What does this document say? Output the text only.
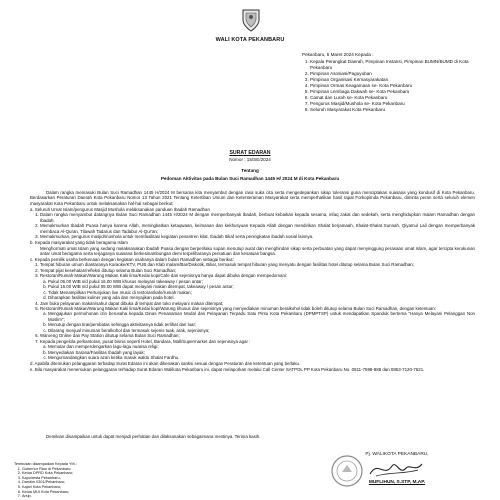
WALI KOTA PEKANBARU
Pekanbaru, 5 Maret 2024 Kepada :
1. Kepala Perangkat Daerah, Pimpinan Instansi, Pimpinan BUMN/BUMD di Kota Pekanbaru
2. Pimpinan Asosiasi/Paguyuban
3. Pimpinan Organisasi Kemasyarakatan
4. Pimpinan Ormas Keagamaan se- Kota Pekanbaru
5. Pimpinan Lembaga Dakwah se- Kota Pekanbaru
6. Camat dan Lurah se- Kota Pekanbaru
7. Pengurus Masjid/Mushola se- Kota Pekanbaru
8. Seluruh Masyarakat Kota Pekanbaru
SURAT EDARAN
Nomor : 15/SE/2024
Tentang
Pedoman Aktivitas pada Bulan Suci Ramadhan 1445 H/ 2024 M di Kota Pekanbaru

Dalam rangka memasuki Bulan Suci Ramadhan 1445 H/2024 M bersama kita menyambut dengan rasa suka cita serta mengedepankan sikap toleransi guna menciptakan suasana yang kondusif di Kota Pekanbaru. Berdasarkan Peraturan Daerah Kota Pekanbaru Nomor 13 Tahun 2021 Tentang Ketertiban Umum dan Ketenteraman Masyarakat serta memperhatikan hasil rapat Forkopimda Pekanbaru, diminta peran serta seluruh elemen masyarakat Kota Pekanbaru untuk melaksanakan hal-hal sebagai berikut:

a. Seluruh Umat Islam/pengurus Masjid Mushola melaksanakan panduan Ibadah Ramadhan

1. Dalam rangka menyambut datangnya Bulan Suci Ramadhan 1445 H/2024 M dengan memperbanyak Ibadah, berbuat kebaikan kepada sesama, infaq zakat dan sedekah, serta menghidupkan malam Ramadhan dengan Ibadah.
2. Memakmurkan Ibadah Puasa hanya karena Allah, meningkatkan ketaqwaan, keimanan dan kekhusyuan Kepada Allah dengan mendirikan Shalat berjamaah, Shalat-Shalat Sunnah, Qiyamul Lail dengan memperbanyak membaca Al-Quran, Tilawah Tadarus dan Tadabur Al-Qur'an;
3. Memakmurkan, pengurus masjid/mushola untuk memfasilitasi kegiatan pesantren kilat, Ibadah Itikaf serta peningkatan ibadah sosial lainnya.

b. Kepada masyarakat yang tidak beragama Islam

Menghormati umat Islam yang sedang melaksanakan Ibadah Puasa dengan berperilaku sopan menutup aurat dan menghindari sikap serta perbuatan yang dapat menyinggung perasaan umat Islam, agar tercipta kerukunan antar umat beragama serta terjaganya suasana berkesinambungan demi terpeliharanya persatuan dan kesatuan bangsa.

c. Kepada pemilik usaha berkenaan dengan kegiatan usahanya dalam bulan Ramadhan sebagai berikut:

1. Tempat hiburan umum diantaranya Karaoke/KTV, PUB dan Klab malam/Bar/Diskotik, Biliar, termasuk tempat hiburan yang menyatu dengan fasilitas hotel ditutup selama Bulan Suci Ramadhan;
2. Tempat pijat kesehatan/refleksi ditutup selama Bulan Suci Ramadhan;
3. Restoran/Rumah Makan/Warung Makan Kaki lima/Kedai kopi/Cafe dan sejenisnya hanya dapat dibuka dengan mempedomani:
a. Pukul 06.00 WIB s/d pukul 16.00 WIB khusus melayani takeaway / pesan antar;
b. Pukul 16.00 WIB s/d pukul 05.00 WIB dapat melayani makan ditempat, takeaway / pesan antar;
c. Tidak Menampilkan Pertunjukan live music di restoran/kafe/rumah makan;
d. Diharapkan fasilitas kuliner yang ada dan menyajikan pada hotel.
4. Jam buka pelayanan makan/sahur dapat dibuka di tempat dan toko melayani makan ditempat;
5. Restoran/Rumah Makan/Warung Makan Kaki lima/Kedai kopi/Warung khusus dan sejenisnya yang menyediakan minuman beralkohol tidak boleh ditutup selama Bulan Suci Ramadhan, dengan ketentuan:
a. Mengajukan permohonan izin berusaha kepada Dinas Penanaman Modal dan Pelayanan Terpadu Satu Pintu Kota Pekanbaru (DPMPTSP) untuk mendapatkan Spanduk bertema "Hanya Melayani Pelanggan Non Muslim";
b. Menutup dengan tirai/pembatas sehingga aktivitasnya tidak terlihat dari luar;
c. Dilarang menjual minuman beralkohol dan termasuk sejenis tuak, arak, sejenisnya;
6. Waroeng Online dan Pay Station ditutup selama Bulan Suci Ramadhan;
7. Kepada pengelola perkantoran, pusat bisnis seperti Hotel, Bandara, Mall/Supermarket dan sejenisnya agar :
a. Memutar dan memperdengarkan lagu-lagu nuansa religi;
b. Menyediakan Sarana/Fasilitas Ibadah yang layak;
c. Mengumandangkan suara azan ketika masuk waktu Shalat Fardhu.

d. Apabila ditemukan pelanggaran terhadap Surat Edaran ini akan dikenakan sanksi sesuai dengan Peraturan dan ketentuan yang berlaku.

e. Bila masyarakat menemukan pelanggaran terhadap Surat Edaran Walikota Pekanbaru ini, dapat melaporkan melalui Call Center SATPOL PP Kota Pekanbaru No. 0811-7598-888 dan 0853-7120-7621.

Demikian disampaikan untuk dapat menjadi perhatian dan dilaksanakan sebagaimana mestinya. Terima kasih.
Pj. WALIKOTA PEKANBARU,
MUFLIHUN, S.STP, M.AP.
Tembusan disampaikan Kepada Yth.:
1. Gubernur Riau di Pekanbaru;
2. Ketua DPRD Kota Pekanbaru;
3. Kapolresta Pekanbaru;
4. Dandim 0301/Pekanbaru;
5. Kajari Kota Pekanbaru;
6. Ketua MUI Kota Pekanbaru;
7. Arsip.
